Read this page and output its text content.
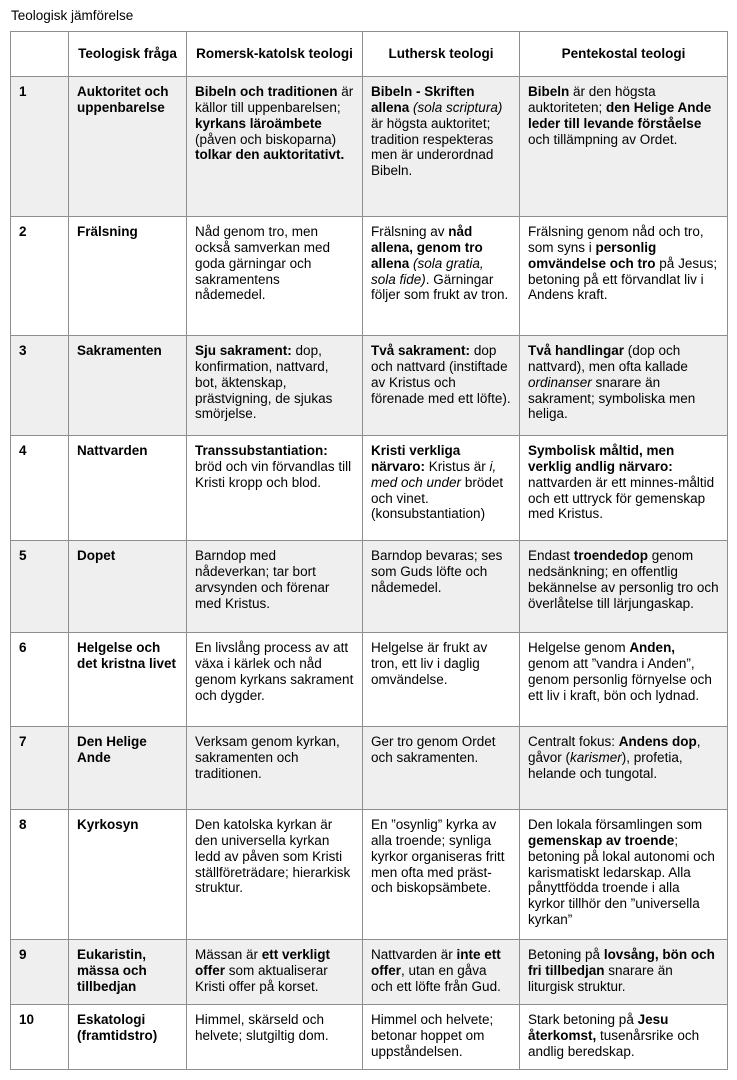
Teologisk jämförelse

	Teologisk fråga	Romersk-katolsk teologi	Luthersk teologi	Pentekostal teologi
1	Auktoritet och uppenbarelse	Bibeln och traditionen är källor till uppenbarelsen; kyrkans läroämbete (påven och biskoparna) tolkar den auktoritativt.	Bibeln - Skriften allena (sola scriptura) är högsta auktoritet; tradition respekteras men är underordnad Bibeln.	Bibeln är den högsta auktoriteten; den Helige Ande leder till levande förståelse och tillämpning av Ordet.
2	Frälsning	Nåd genom tro, men också samverkan med goda gärningar och sakramentens nådemedel.	Frälsning av nåd allena, genom tro allena (sola gratia, sola fide). Gärningar följer som frukt av tron.	Frälsning genom nåd och tro, som syns i personlig omvändelse och tro på Jesus; betoning på ett förvandlat liv i Andens kraft.
3	Sakramenten	Sju sakrament: dop, konfirmation, nattvard, bot, äktenskap, prästvigning, de sjukas smörjelse.	Två sakrament: dop och nattvard (instiftade av Kristus och förenade med ett löfte).	Två handlingar (dop och nattvard), men ofta kallade ordinanser snarare än sakrament; symboliska men heliga.
4	Nattvarden	Transsubstantiation: bröd och vin förvandlas till Kristi kropp och blod.	Kristi verkliga närvaro: Kristus är i, med och under brödet och vinet. (konsubstantiation)	Symbolisk måltid, men verklig andlig närvaro: nattvarden är ett minnes-måltid och ett uttryck för gemenskap med Kristus.
5	Dopet	Barndop med nådeverkan; tar bort arvsynden och förenar med Kristus.	Barndop bevaras; ses som Guds löfte och nådemedel.	Endast troendedop genom nedsänkning; en offentlig bekännelse av personlig tro och överlåtelse till lärjungaskap.
6	Helgelse och det kristna livet	En livslång process av att växa i kärlek och nåd genom kyrkans sakrament och dygder.	Helgelse är frukt av tron, ett liv i daglig omvändelse.	Helgelse genom Anden, genom att ”vandra i Anden”, genom personlig förnyelse och ett liv i kraft, bön och lydnad.
7	Den Helige Ande	Verksam genom kyrkan, sakramenten och traditionen.	Ger tro genom Ordet och sakramenten.	Centralt fokus: Andens dop, gåvor (karismer), profetia, helande och tungotal.
8	Kyrkosyn	Den katolska kyrkan är den universella kyrkan ledd av påven som Kristi ställföreträdare; hierarkisk struktur.	En ”osynlig” kyrka av alla troende; synliga kyrkor organiseras fritt men ofta med präst- och biskopsämbete.	Den lokala församlingen som gemenskap av troende; betoning på lokal autonomi och karismatiskt ledarskap. Alla pånyttfödda troende i alla kyrkor tillhör den ”universella kyrkan”
9	Eukaristin, mässa och tillbedjan	Mässan är ett verkligt offer som aktualiserar Kristi offer på korset.	Nattvarden är inte ett offer, utan en gåva och ett löfte från Gud.	Betoning på lovsång, bön och fri tillbedjan snarare än liturgisk struktur.
10	Eskatologi (framtidstro)	Himmel, skärseld och helvete; slutgiltig dom.	Himmel och helvete; betonar hoppet om uppståndelsen.	Stark betoning på Jesu återkomst, tusenårsrike och andlig beredskap.
